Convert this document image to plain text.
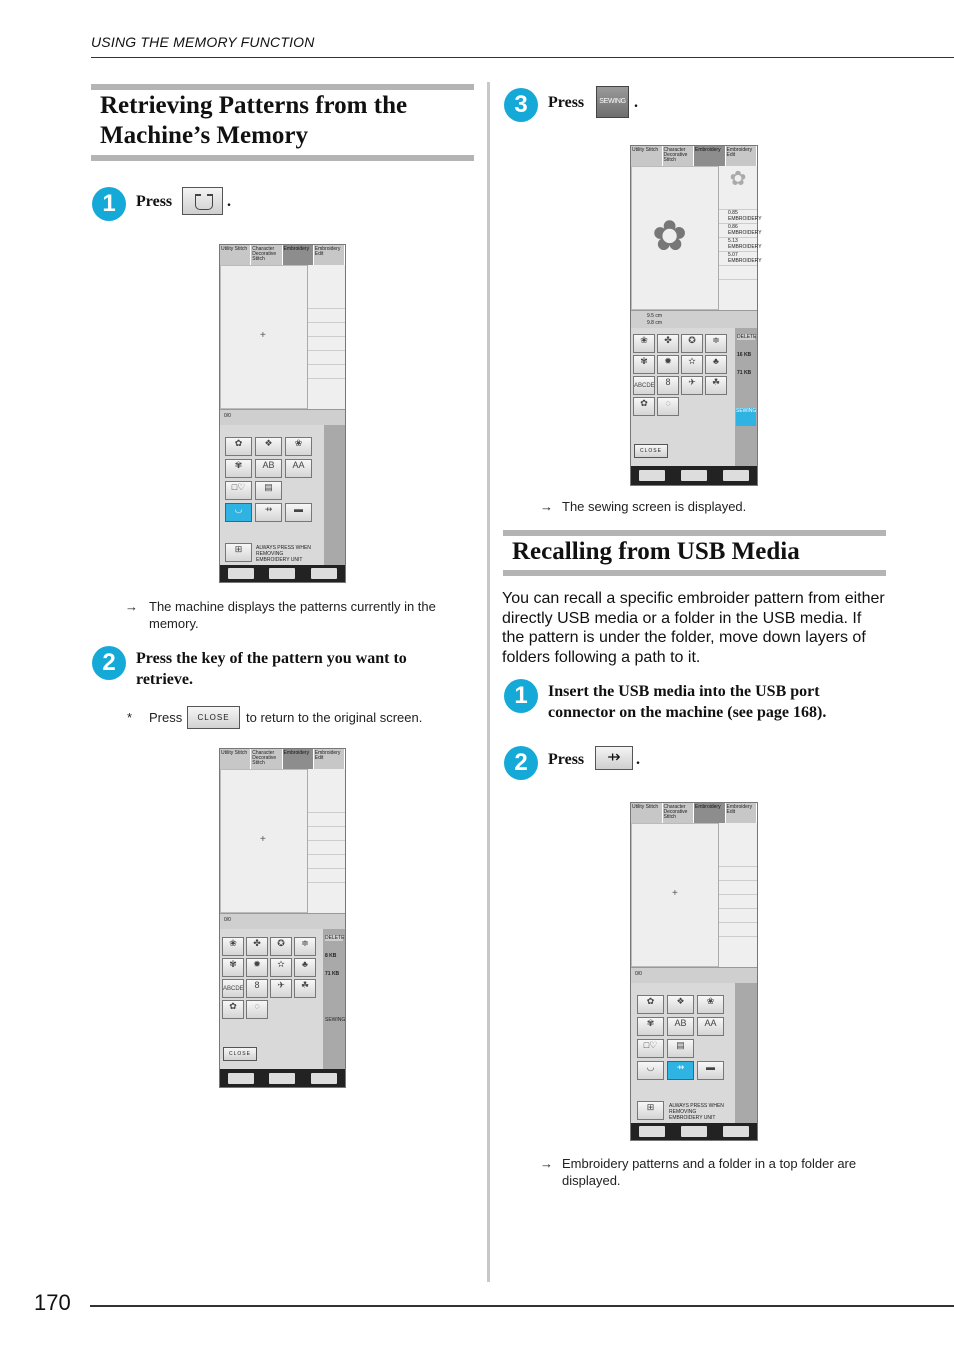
USING THE MEMORY FUNCTION
Retrieving Patterns from the
Machine’s Memory
1	Press	.
Utility Stitch	Character Decorative Stitch
Embroidery	Embroidery Edit
+
0/0
✿	❖	❀
✾	AB	AA
□♡	▤
◡	⇸	▬
⊞	ALWAYS PRESS WHEN REMOVING EMBROIDERY UNIT
→ The machine displays the patterns currently in the memory.
2	Press the key of the pattern you want to
retrieve.
* Press	CLOSE	to return to the original screen.
Utility Stitch	Character Decorative Stitch
Embroidery	Embroidery Edit
+
0/0
❀	✤	✪	≑
✾	✹	✫	♣
ABCDE	8	✈	☘
✿	◌
CLOSE
DELETE
8 KB
71 KB
SEWING
3	Press	SEWING .
Utility Stitch	Character Decorative Stitch
Embroidery	Embroidery Edit
✿
✿
0.85 EMBROIDERY
0.86 EMBROIDERY
5.13 EMBROIDERY
5.07 EMBROIDERY
9.5 cm
9.8 cm
❀	✤	✪	≑
✾	✹	✫	♣
ABCDE	8	✈	☘
✿	◌
CLOSE
DELETE
16 KB
71 KB
SEWING
→ The sewing screen is displayed.
Recalling from USB Media
You can recall a specific embroider pattern from either directly USB media or a folder in the USB media. If the pattern is under the folder, move down layers of folders following a path to it.
1	Insert the USB media into the USB port
connector on the machine (see page 168).
2	Press	⇸ .
Utility Stitch	Character Decorative Stitch
Embroidery	Embroidery Edit
+
0/0
✿	❖	❀
✾	AB	AA
□♡	▤
◡	⇸	▬
⊞	ALWAYS PRESS WHEN REMOVING EMBROIDERY UNIT
→ Embroidery patterns and a folder in a top folder are displayed.
170
